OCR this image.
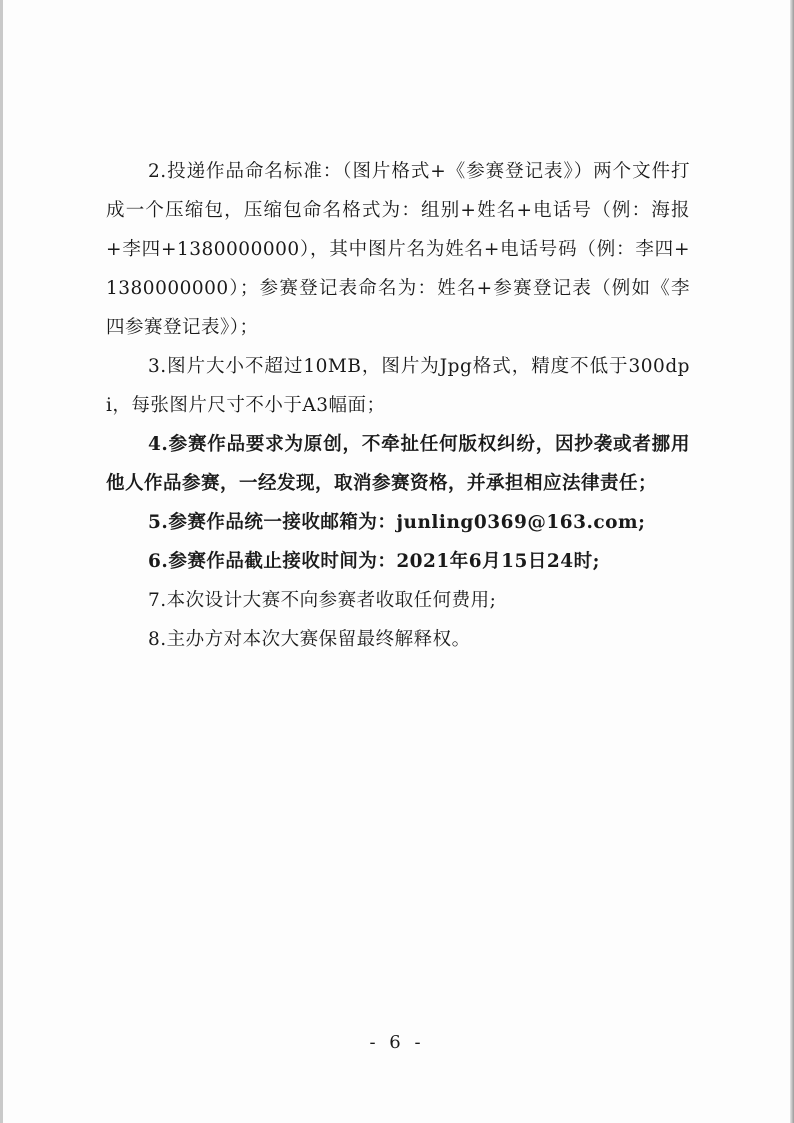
2.投递作品命名标准：（图片格式+《参赛登记表》）两个文件打成一个压缩包，压缩包命名格式为：组别+姓名+电话号（例：海报+李四+1380000000），其中图片名为姓名+电话号码（例：李四+1380000000）；参赛登记表命名为：姓名+参赛登记表（例如《李四参赛登记表》）；

3.图片大小不超过10MB，图片为Jpg格式，精度不低于300dpi，每张图片尺寸不小于A3幅面；

4.参赛作品要求为原创，不牵扯任何版权纠纷，因抄袭或者挪用他人作品参赛，一经发现，取消参赛资格，并承担相应法律责任；

5.参赛作品统一接收邮箱为：junling0369@163.com;

6.参赛作品截止接收时间为：2021年6月15日24时;

7.本次设计大赛不向参赛者收取任何费用;

8.主办方对本次大赛保留最终解释权。

- 6 -
